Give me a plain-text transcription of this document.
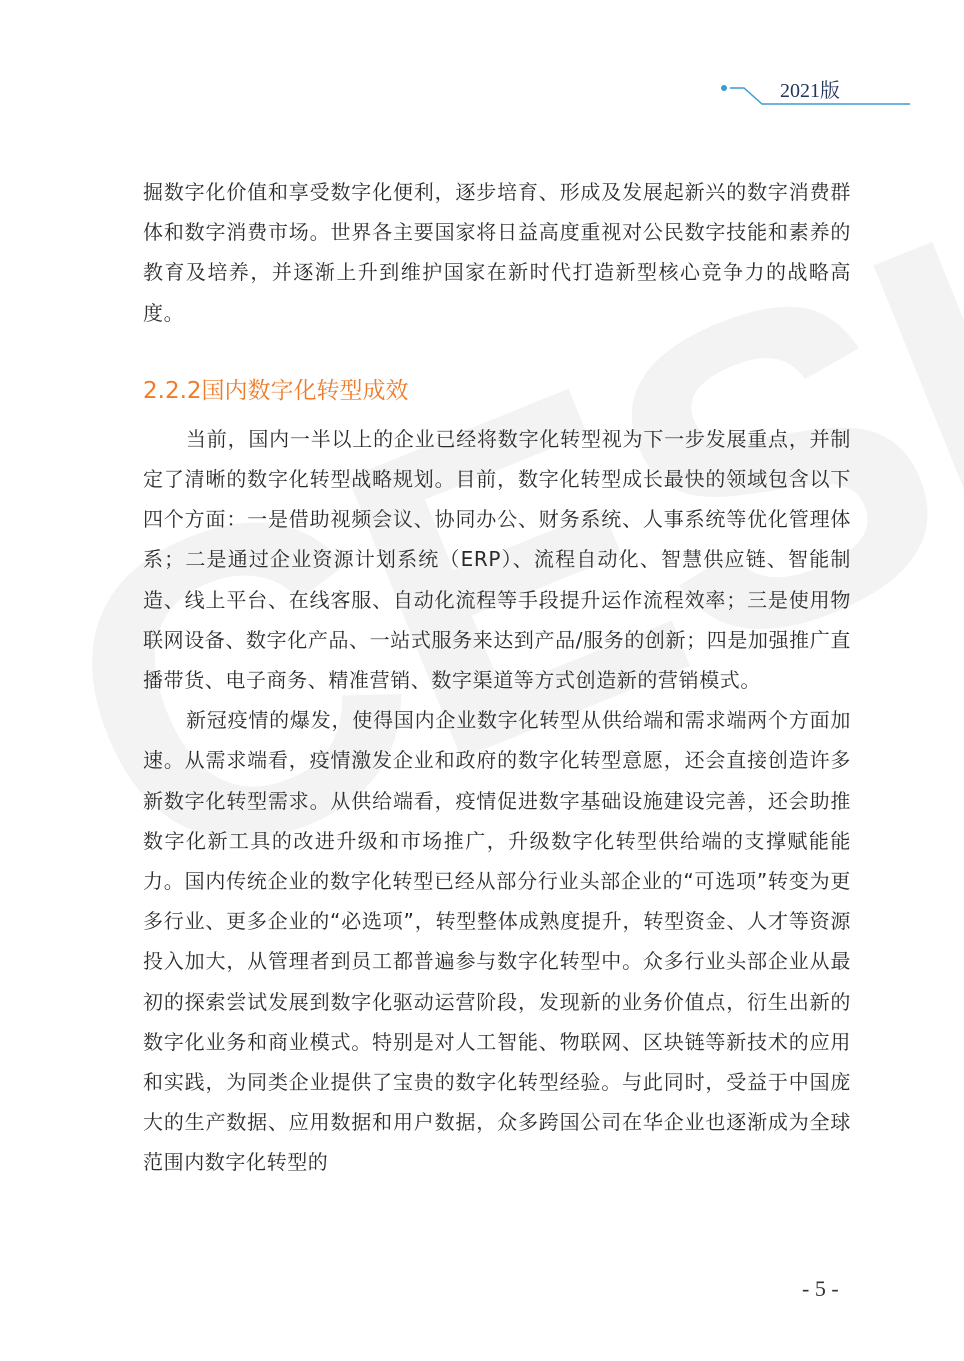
2021版

掘数字化价值和享受数字化便利，逐步培育、形成及发展起新兴的数字消费群体和数字消费市场。世界各主要国家将日益高度重视对公民数字技能和素养的教育及培养，并逐渐上升到维护国家在新时代打造新型核心竞争力的战略高度。

2.2.2国内数字化转型成效

当前，国内一半以上的企业已经将数字化转型视为下一步发展重点，并制定了清晰的数字化转型战略规划。目前，数字化转型成长最快的领域包含以下四个方面：一是借助视频会议、协同办公、财务系统、人事系统等优化管理体系；二是通过企业资源计划系统（ERP）、流程自动化、智慧供应链、智能制造、线上平台、在线客服、自动化流程等手段提升运作流程效率；三是使用物联网设备、数字化产品、一站式服务来达到产品/服务的创新；四是加强推广直播带货、电子商务、精准营销、数字渠道等方式创造新的营销模式。

新冠疫情的爆发，使得国内企业数字化转型从供给端和需求端两个方面加速。从需求端看，疫情激发企业和政府的数字化转型意愿，还会直接创造许多新数字化转型需求。从供给端看，疫情促进数字基础设施建设完善，还会助推数字化新工具的改进升级和市场推广，升级数字化转型供给端的支撑赋能能力。国内传统企业的数字化转型已经从部分行业头部企业的“可选项”转变为更多行业、更多企业的“必选项”，转型整体成熟度提升，转型资金、人才等资源投入加大，从管理者到员工都普遍参与数字化转型中。众多行业头部企业从最初的探索尝试发展到数字化驱动运营阶段，发现新的业务价值点，衍生出新的数字化业务和商业模式。特别是对人工智能、物联网、区块链等新技术的应用和实践，为同类企业提供了宝贵的数字化转型经验。与此同时，受益于中国庞大的生产数据、应用数据和用户数据，众多跨国公司在华企业也逐渐成为全球范围内数字化转型的

- 5 -
